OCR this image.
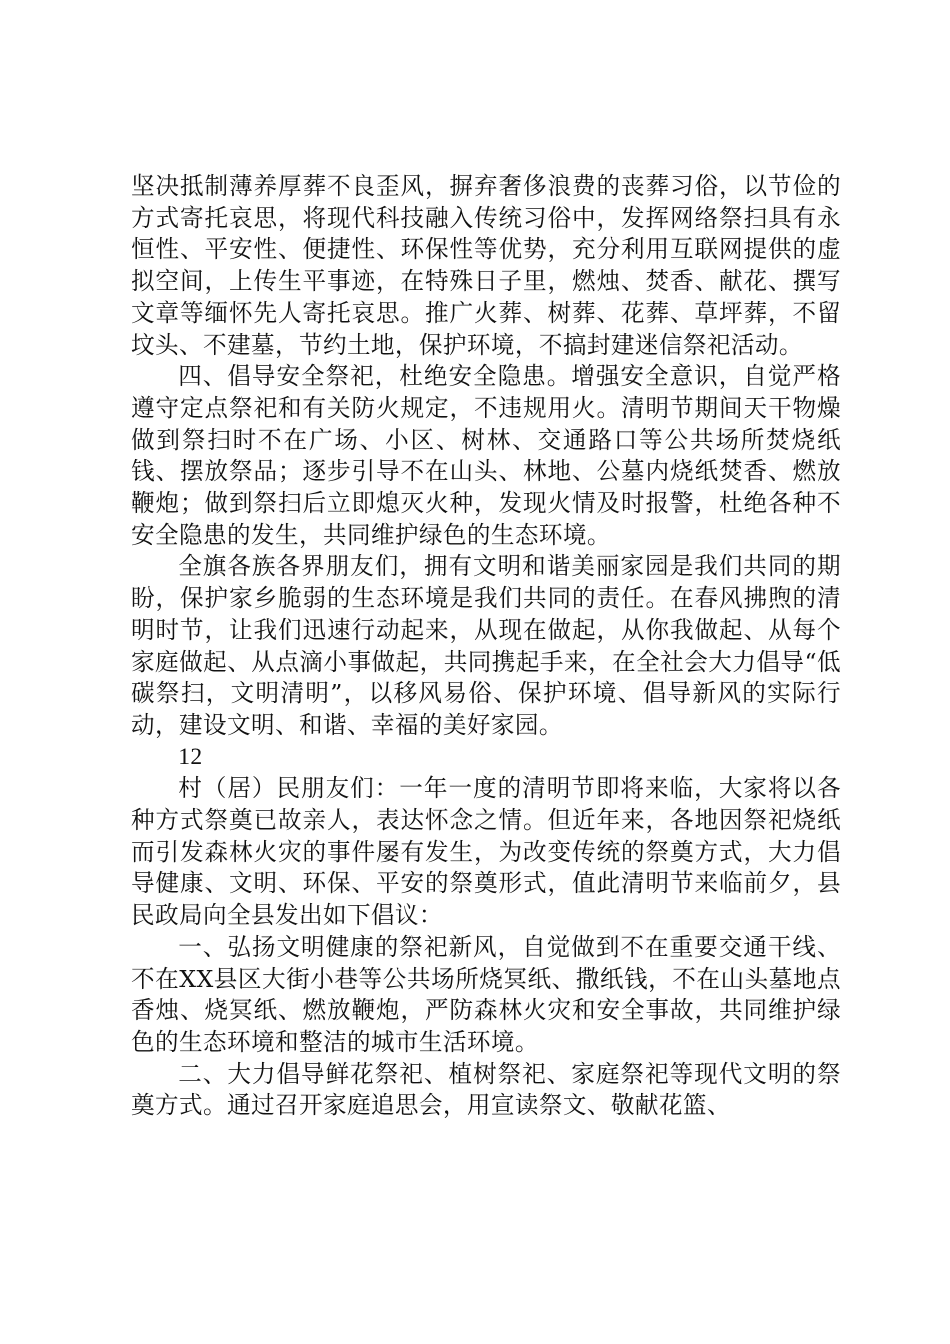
坚决抵制薄养厚葬不良歪风，摒弃奢侈浪费的丧葬习俗，以节俭的方式寄托哀思，将现代科技融入传统习俗中，发挥网络祭扫具有永恒性、平安性、便捷性、环保性等优势，充分利用互联网提供的虚拟空间，上传生平事迹，在特殊日子里，燃烛、焚香、献花、撰写文章等缅怀先人寄托哀思。推广火葬、树葬、花葬、草坪葬，不留坟头、不建墓，节约土地，保护环境，不搞封建迷信祭祀活动。

四、倡导安全祭祀，杜绝安全隐患。增强安全意识，自觉严格遵守定点祭祀和有关防火规定，不违规用火。清明节期间天干物燥做到祭扫时不在广场、小区、树林、交通路口等公共场所焚烧纸钱、摆放祭品；逐步引导不在山头、林地、公墓内烧纸焚香、燃放鞭炮；做到祭扫后立即熄灭火种，发现火情及时报警，杜绝各种不安全隐患的发生，共同维护绿色的生态环境。

全旗各族各界朋友们，拥有文明和谐美丽家园是我们共同的期盼，保护家乡脆弱的生态环境是我们共同的责任。在春风拂煦的清明时节，让我们迅速行动起来，从现在做起，从你我做起、从每个家庭做起、从点滴小事做起，共同携起手来，在全社会大力倡导“低碳祭扫，文明清明”，以移风易俗、保护环境、倡导新风的实际行动，建设文明、和谐、幸福的美好家园。

12

村（居）民朋友们：一年一度的清明节即将来临，大家将以各种方式祭奠已故亲人，表达怀念之情。但近年来，各地因祭祀烧纸而引发森林火灾的事件屡有发生，为改变传统的祭奠方式，大力倡导健康、文明、环保、平安的祭奠形式，值此清明节来临前夕，县民政局向全县发出如下倡议：

一、弘扬文明健康的祭祀新风，自觉做到不在重要交通干线、不在XX县区大街小巷等公共场所烧冥纸、撒纸钱，不在山头墓地点香烛、烧冥纸、燃放鞭炮，严防森林火灾和安全事故，共同维护绿色的生态环境和整洁的城市生活环境。

二、大力倡导鲜花祭祀、植树祭祀、家庭祭祀等现代文明的祭奠方式。通过召开家庭追思会，用宣读祭文、敬献花篮、
